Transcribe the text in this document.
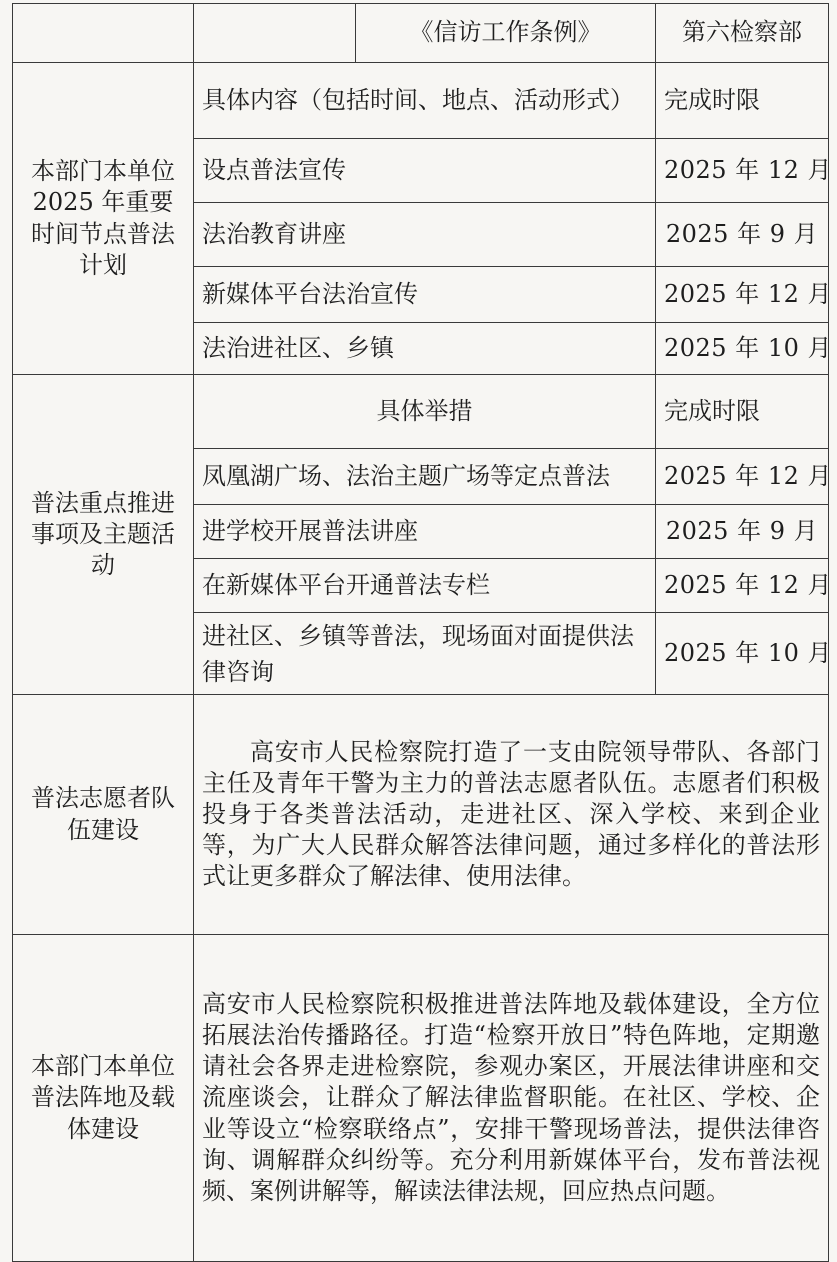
		《信访工作条例》	第六检察部
本部门本单位2025 年重要时间节点普法计划	具体内容（包括时间、地点、活动形式）		完成时限
	设点普法宣传		2025 年 12 月
	法治教育讲座		2025 年 9 月
	新媒体平台法治宣传		2025 年 12 月
	法治进社区、乡镇		2025 年 10 月
普法重点推进事项及主题活动	具体举措		完成时限
	凤凰湖广场、法治主题广场等定点普法		2025 年 12 月
	进学校开展普法讲座		2025 年 9 月
	在新媒体平台开通普法专栏		2025 年 12 月
	进社区、乡镇等普法，现场面对面提供法律咨询		2025 年 10 月
普法志愿者队伍建设	高安市人民检察院打造了一支由院领导带队、各部门主任及青年干警为主力的普法志愿者队伍。志愿者们积极投身于各类普法活动，走进社区、深入学校、来到企业等，为广大人民群众解答法律问题，通过多样化的普法形式让更多群众了解法律、使用法律。		
本部门本单位普法阵地及载体建设	高安市人民检察院积极推进普法阵地及载体建设，全方位拓展法治传播路径。打造“检察开放日”特色阵地，定期邀请社会各界走进检察院，参观办案区，开展法律讲座和交流座谈会，让群众了解法律监督职能。在社区、学校、企业等设立“检察联络点”，安排干警现场普法，提供法律咨询、调解群众纠纷等。充分利用新媒体平台，发布普法视频、案例讲解等，解读法律法规，回应热点问题。		
